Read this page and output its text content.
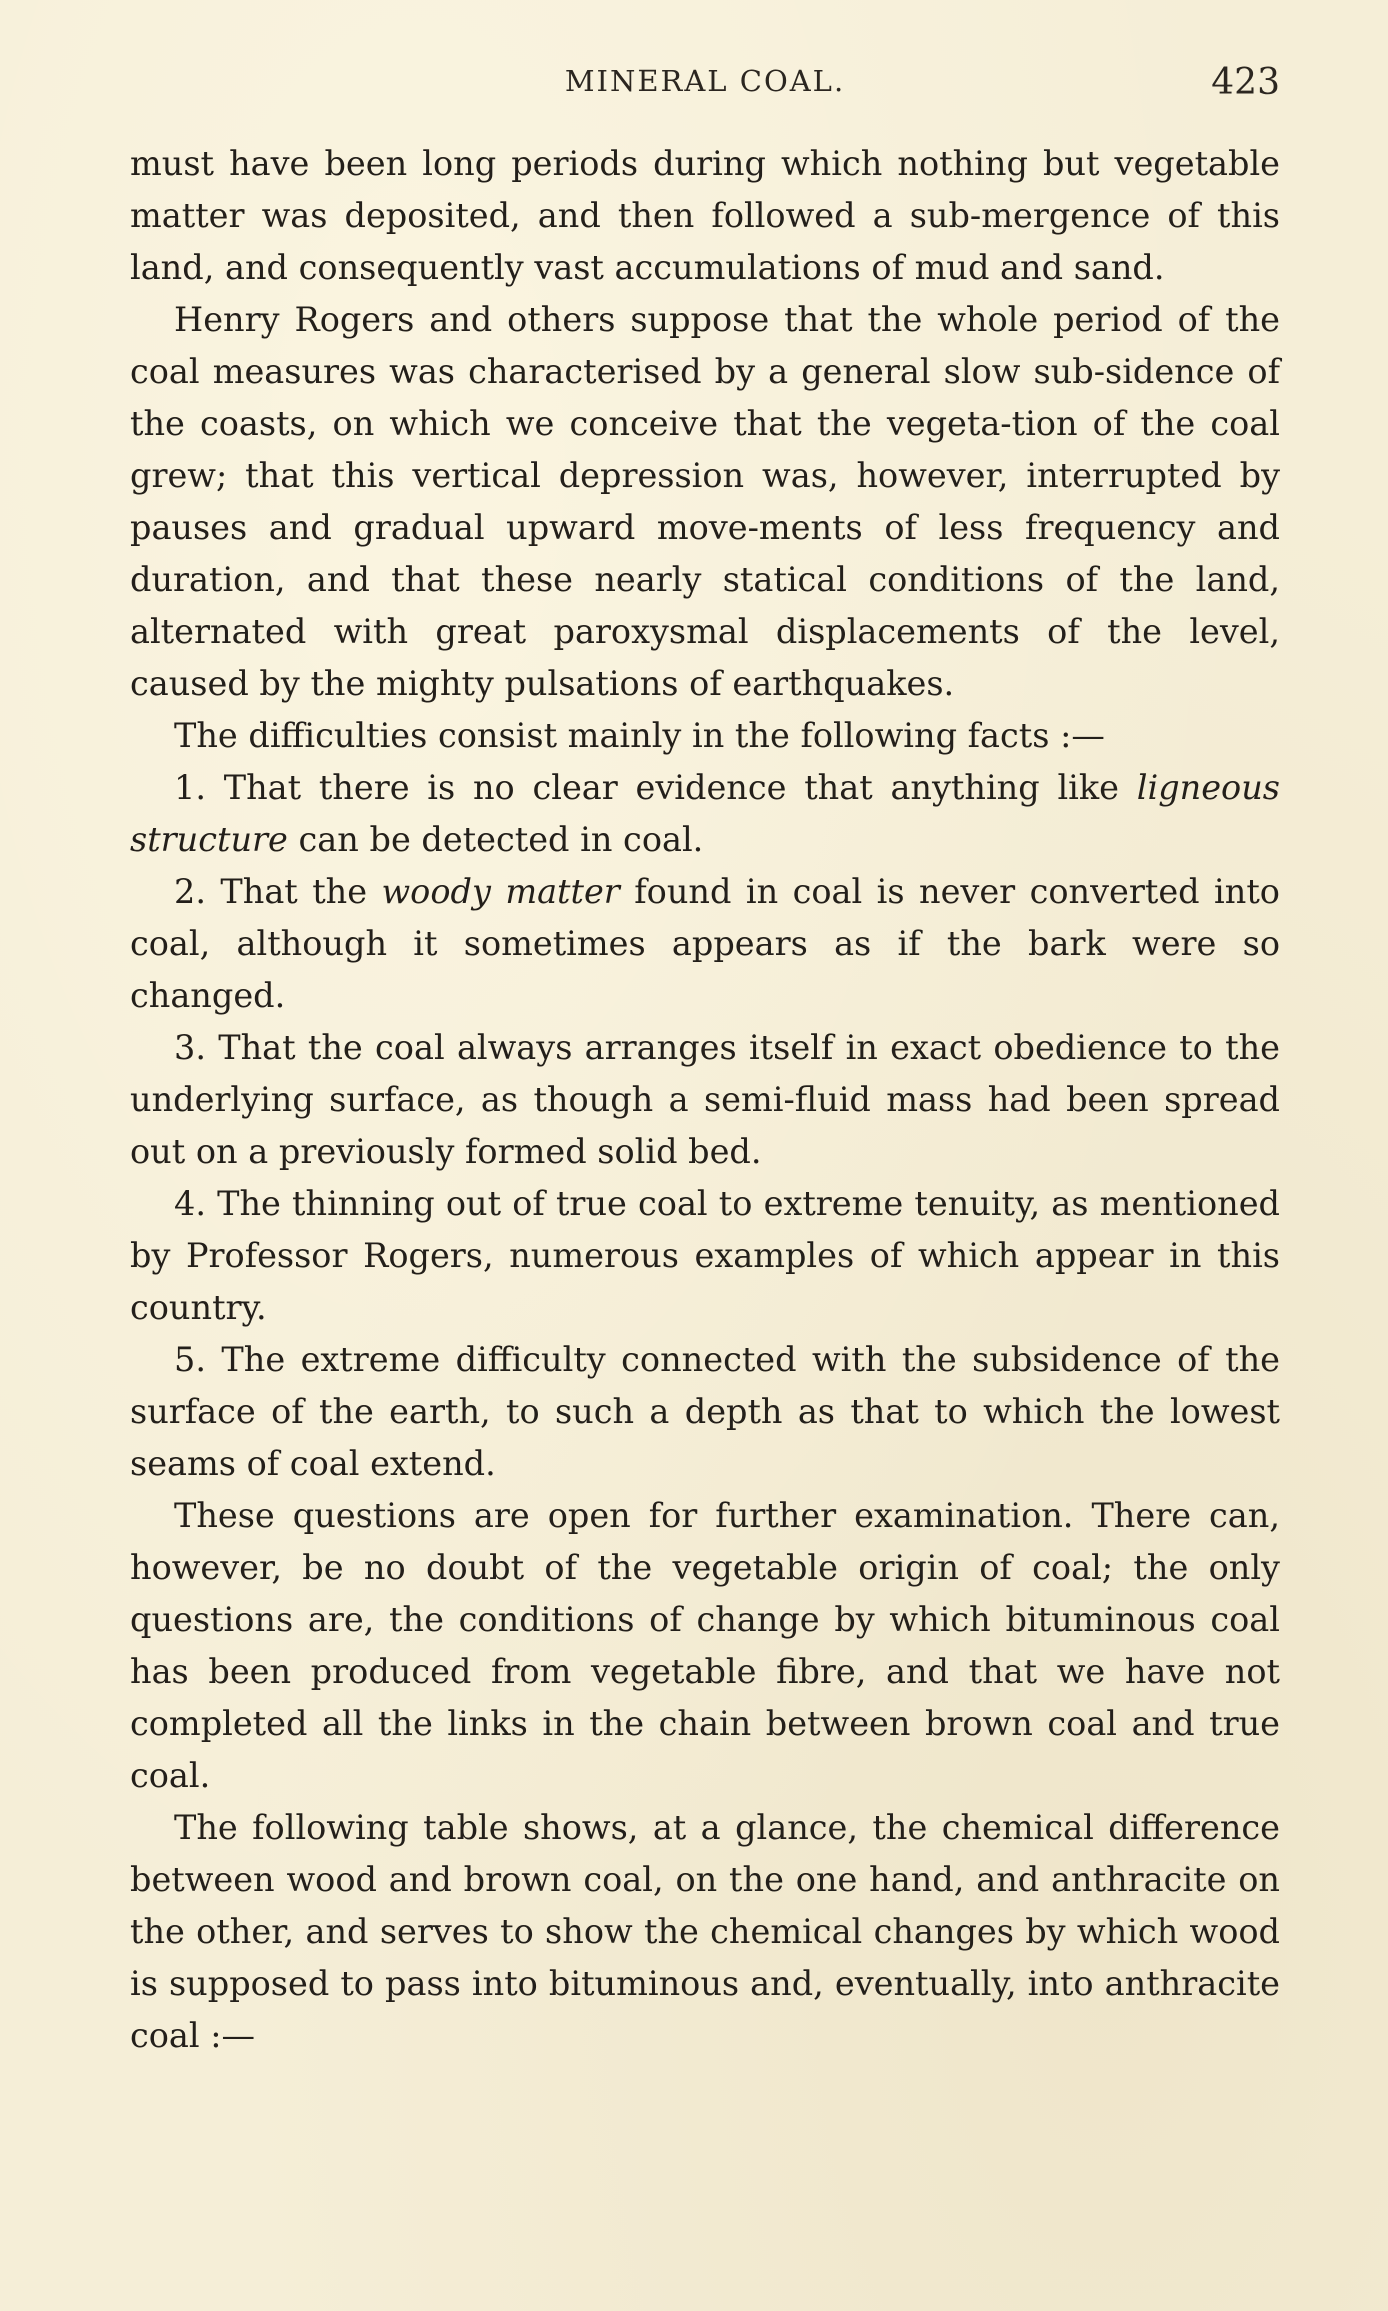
MINERAL COAL.	423

must have been long periods during which nothing but vegetable matter was deposited, and then followed a sub-mergence of this land, and consequently vast accumulations of mud and sand.

Henry Rogers and others suppose that the whole period of the coal measures was characterised by a general slow sub-sidence of the coasts, on which we conceive that the vegeta-tion of the coal grew; that this vertical depression was, however, interrupted by pauses and gradual upward move-ments of less frequency and duration, and that these nearly statical conditions of the land, alternated with great paroxysmal displacements of the level, caused by the mighty pulsations of earthquakes.

The difficulties consist mainly in the following facts :—

1. That there is no clear evidence that anything like ligneous structure can be detected in coal.

2. That the woody matter found in coal is never converted into coal, although it sometimes appears as if the bark were so changed.

3. That the coal always arranges itself in exact obedience to the underlying surface, as though a semi-fluid mass had been spread out on a previously formed solid bed.

4. The thinning out of true coal to extreme tenuity, as mentioned by Professor Rogers, numerous examples of which appear in this country.

5. The extreme difficulty connected with the subsidence of the surface of the earth, to such a depth as that to which the lowest seams of coal extend.

These questions are open for further examination. There can, however, be no doubt of the vegetable origin of coal; the only questions are, the conditions of change by which bituminous coal has been produced from vegetable fibre, and that we have not completed all the links in the chain between brown coal and true coal.

The following table shows, at a glance, the chemical difference between wood and brown coal, on the one hand, and anthracite on the other, and serves to show the chemical changes by which wood is supposed to pass into bituminous and, eventually, into anthracite coal :—
